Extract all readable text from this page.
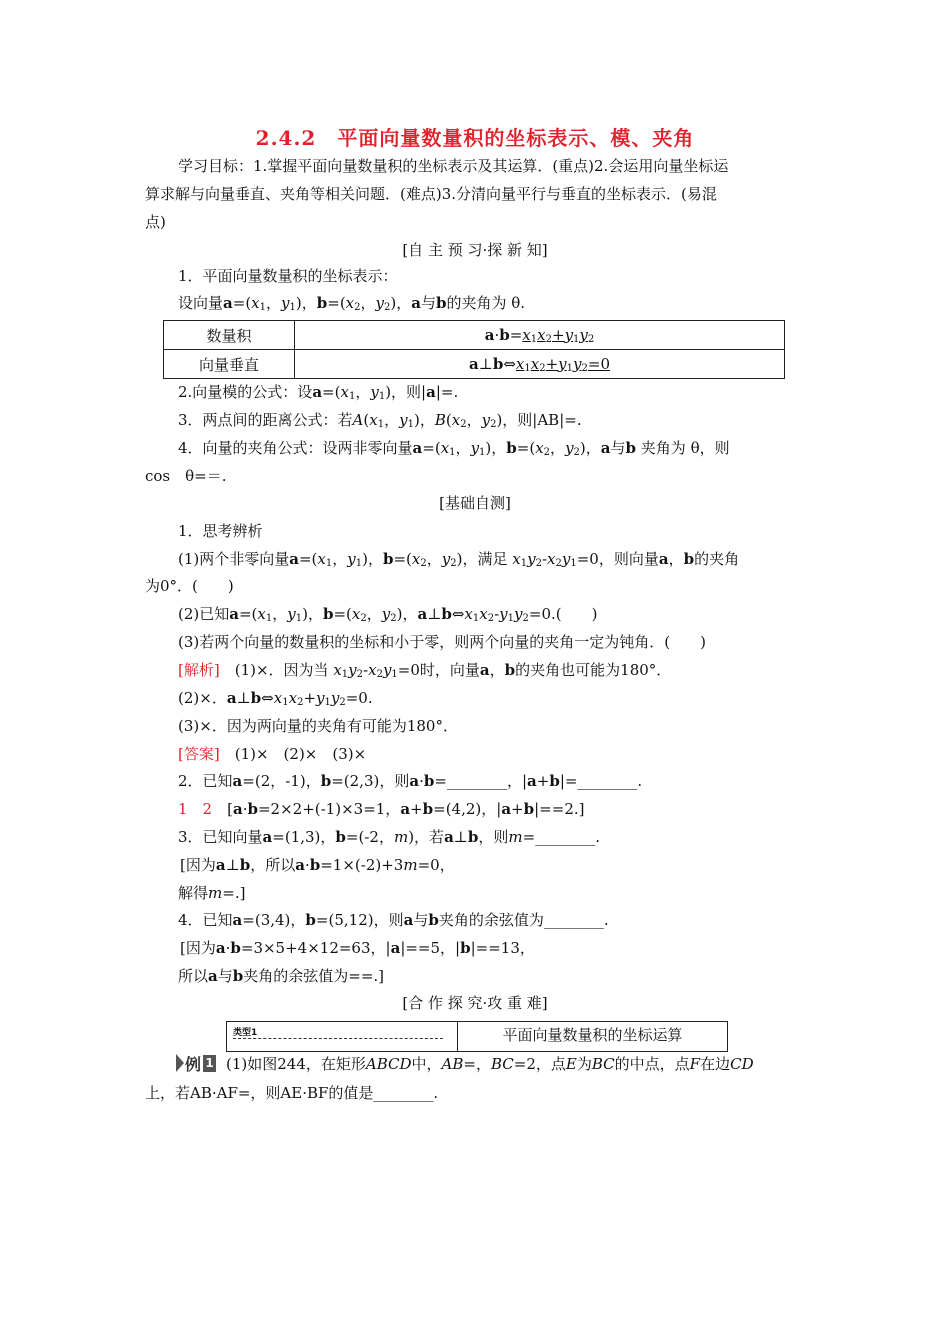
2.4.2　平面向量数量积的坐标表示、模、夹角
学习目标：1.掌握平面向量数量积的坐标表示及其运算．(重点)2.会运用向量坐标运
算求解与向量垂直、夹角等相关问题．(难点)3.分清向量平行与垂直的坐标表示．(易混
点)
[自 主 预 习·探 新 知]
1．平面向量数量积的坐标表示：
设向量$a=(x_1$，$y_1$)，$b=(x_2$，$y_2$)，a与b的夹角为 θ.
数量积	$a\cdot b=x_1x_2+y_1y_2$
向量垂直	$a\perp b\Leftrightarrow x_1x_2+y_1y_2=0$
2.向量模的公式：设$a=(x_1$，$y_1$)，则|a|=.
3．两点间的距离公式：若$A(x_1$，$y_1$)，$B(x_2$，$y_2$)，则|AB|=.
4．向量的夹角公式：设两非零向量$a=(x_1$，$y_1$)，$b=(x_2$，$y_2$)，a与b 夹角为 θ，则
cos　θ=＝.
[基础自测]
1．思考辨析
(1)两个非零向量$a=(x_1$，$y_1$)，$b=(x_2$，$y_2$)，满足 $x_1y_2-x_2y_1=0$，则向量a，b的夹角
为0°．(　　)
(2)已知$a=(x_1$，$y_1$)，$b=(x_2$，$y_2$)，$a\perp b\Leftrightarrow x_1x_2-y_1y_2=0$.(　　)
(3)若两个向量的数量积的坐标和小于零，则两个向量的夹角一定为钝角．(　　)
[解析]　(1)×．因为当 $x_1y_2-x_2y_1=0$时，向量a，b的夹角也可能为180°．
(2)×．$a\perp b\Leftrightarrow x_1x_2+y_1y_2=0$.
(3)×．因为两向量的夹角有可能为180°．
[答案]　 (1)×　(2)×　(3)×
2．已知a=(2，-1)，b=(2,3)，则a·b=________，|a+b|=________.
1　2　[a·b=2×2+(-1)×3=1，a+b=(4,2)，|a+b|==2.]
3．已知向量a=(1,3)，b=(-2，m)，若a⊥b，则m=________.
[因为a⊥b，所以a·b=1×(-2)+3m=0，
解得m=.]
4．已知a=(3,4)，b=(5,12)，则a与b夹角的余弦值为________.
[因为a·b=3×5+4×12=63，|a|==5，|b|==13，
所以a与b夹角的余弦值为==.]
[合 作 探 究·攻 重 难]
类型1	平面向量数量积的坐标运算
例 1 (1)如图244，在矩形ABCD中，AB=，BC=2，点E为BC的中点，点F在边CD
上，若AB·AF=，则AE·BF的值是________.
